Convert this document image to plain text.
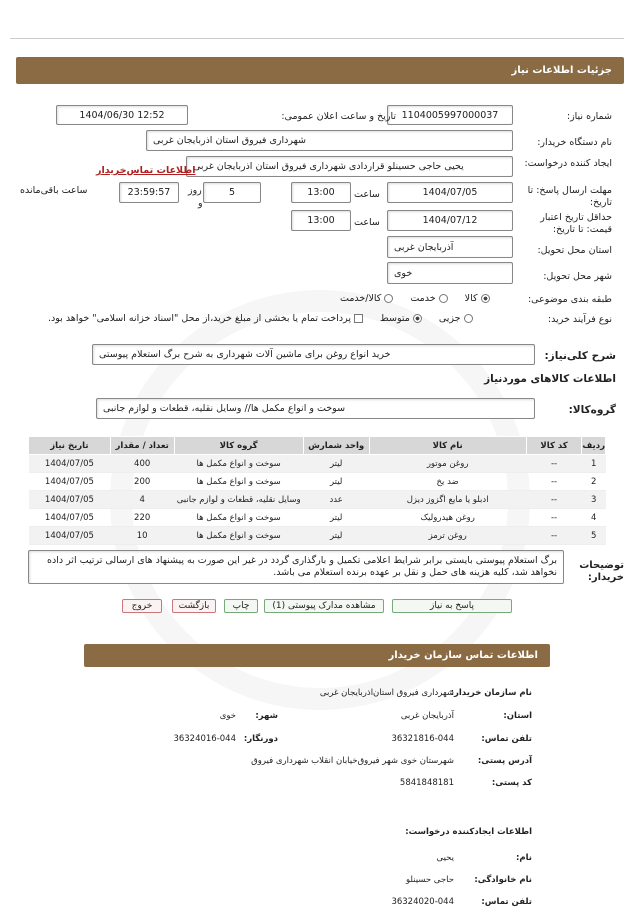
جزئیات اطلاعات نیاز
شماره نیاز:
1104005997000037
تاریخ و ساعت اعلان عمومی:
1404/06/30 12:52
نام دستگاه خریدار:
شهرداری فیروق استان اذربایجان غربی
ایجاد کننده درخواست:
یحیی حاجی حسینلو قراردادی شهرداری فیروق استان اذربایجان غربی
اطلاعات تماس‌خریدار
مهلت ارسال پاسخ: تا تاریخ:
1404/07/05
ساعت
13:00
5
روز
و
23:59:57
ساعت باقی‌مانده
حداقل تاریخ اعتبار قیمت: تا تاریخ:
1404/07/12
ساعت
13:00
استان محل تحویل:
آذربایجان غربی
شهر محل تحویل:
خوی
طبقه بندی موضوعی:
کالا خدمت کالا/خدمت
نوع فرآیند خرید:
جزیی متوسط پرداخت تمام یا بخشی از مبلغ خرید،از محل "اسناد خزانه اسلامی" خواهد بود.
شرح کلی‌نیاز:
خرید انواع روغن برای ماشین آلات شهرداری به شرح برگ استعلام پیوستی
اطلاعات کالاهای موردنیاز
گروه‌کالا:
سوخت و انواع مکمل ها// وسایل نقلیه، قطعات و لوازم جانبی
ردیف	کد کالا	نام کالا	واحد شمارش	گروه کالا	تعداد / مقدار	تاریخ نیاز
1	--	روغن موتور	لیتر	سوخت و انواع مکمل ها	400	1404/07/05
2	--	ضد یخ	لیتر	سوخت و انواع مکمل ها	200	1404/07/05
3	--	ادبلو یا مایع اگزوز دیزل	عدد	وسایل نقلیه، قطعات و لوازم جانبی	4	1404/07/05
4	--	روغن هیدرولیک	لیتر	سوخت و انواع مکمل ها	220	1404/07/05
5	--	روغن ترمز	لیتر	سوخت و انواع مکمل ها	10	1404/07/05
توضیحات خریدار:
برگ استعلام پیوستی بایستی برابر شرایط اعلامی تکمیل و بارگذاری گردد در غیر این صورت به پیشنهاد های ارسالی ترتیب اثر داده نخواهد شد، کلیه هزینه های حمل و نقل بر عهده برنده استعلام می باشد.
پاسخ به نیاز
مشاهده مدارک پیوستی (1)
چاپ
بازگشت
خروج
اطلاعات تماس سازمان خریدار
نام سازمان خریدار:
شهرداری فیروق استان‌اذربایجان غربی
استان:
آذربایجان غربی
شهر:
خوی
تلفن تماس:
36321816-044
دورنگار:
36324016-044
آدرس پستی:
شهرستان خوی شهر فیروق‌خیابان انقلاب شهرداری فیروق
کد پستی:
5841848181
اطلاعات ایجادکننده درخواست:
نام:
یحیی
نام خانوادگی:
حاجی حسینلو
تلفن تماس:
36324020-044
